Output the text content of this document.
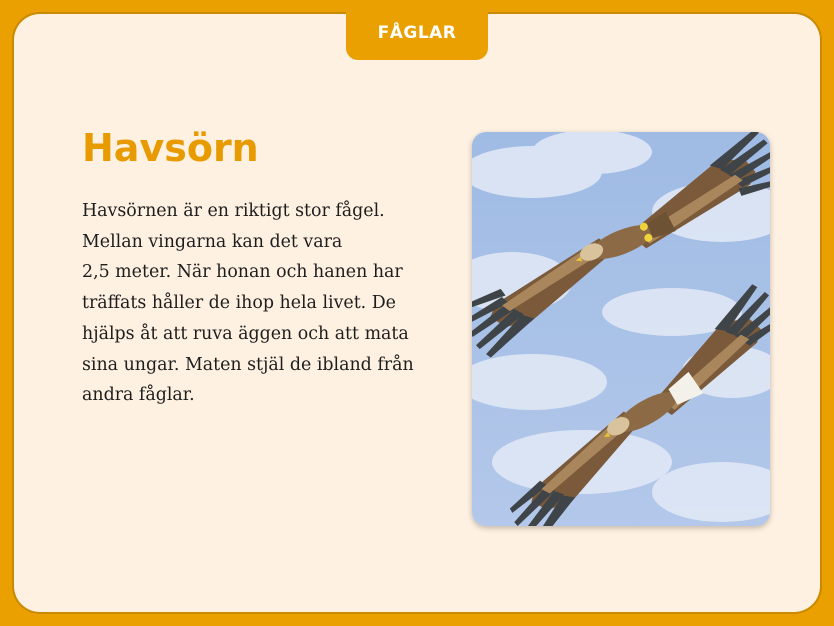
Havsörn
Havsörnen är en riktigt stor fågel.
Mellan vingarna kan det vara
2,5 meter. När honan och hanen har
träffats håller de ihop hela livet. De
hjälps åt att ruva äggen och att mata
sina ungar. Maten stjäl de ibland från
andra fåglar.
FÅGLAR
